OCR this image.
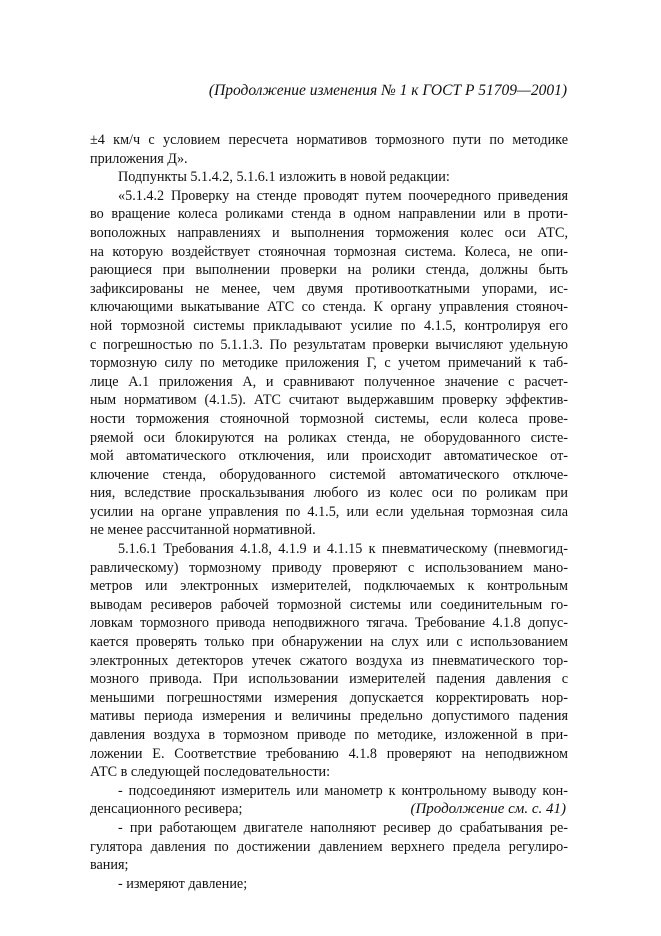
(Продолжение изменения № 1 к ГОСТ Р 51709—2001)
±4 км/ч с условием пересчета нормативов тормозного пути по методике
приложения Д».
Подпункты 5.1.4.2, 5.1.6.1 изложить в новой редакции:
«5.1.4.2 Проверку на стенде проводят путем поочередного приведения
во вращение колеса роликами стенда в одном направлении или в проти-
воположных направлениях и выполнения торможения колес оси АТС,
на которую воздействует стояночная тормозная система. Колеса, не опи-
рающиеся при выполнении проверки на ролики стенда, должны быть
зафиксированы не менее, чем двумя противооткатными упорами, ис-
ключающими выкатывание АТС со стенда. К органу управления стояноч-
ной тормозной системы прикладывают усилие по 4.1.5, контролируя его
с погрешностью по 5.1.1.3. По результатам проверки вычисляют удельную
тормозную силу по методике приложения Г, с учетом примечаний к таб-
лице А.1 приложения А, и сравнивают полученное значение с расчет-
ным нормативом (4.1.5). АТС считают выдержавшим проверку эффектив-
ности торможения стояночной тормозной системы, если колеса прове-
ряемой оси блокируются на роликах стенда, не оборудованного систе-
мой автоматического отключения, или происходит автоматическое от-
ключение стенда, оборудованного системой автоматического отключе-
ния, вследствие проскальзывания любого из колес оси по роликам при
усилии на органе управления по 4.1.5, или если удельная тормозная сила
не менее рассчитанной нормативной.
5.1.6.1 Требования 4.1.8, 4.1.9 и 4.1.15 к пневматическому (пневмогид-
равлическому) тормозному приводу проверяют с использованием мано-
метров или электронных измерителей, подключаемых к контрольным
выводам ресиверов рабочей тормозной системы или соединительным го-
ловкам тормозного привода неподвижного тягача. Требование 4.1.8 допус-
кается проверять только при обнаружении на слух или с использованием
электронных детекторов утечек сжатого воздуха из пневматического тор-
мозного привода. При использовании измерителей падения давления с
меньшими погрешностями измерения допускается корректировать нор-
мативы периода измерения и величины предельно допустимого падения
давления воздуха в тормозном приводе по методике, изложенной в при-
ложении Е. Соответствие требованию 4.1.8 проверяют на неподвижном
АТС в следующей последовательности:
- подсоединяют измеритель или манометр к контрольному выводу кон-
денсационного ресивера;
- при работающем двигателе наполняют ресивер до срабатывания ре-
гулятора давления по достижении давлением верхнего предела регулиро-
вания;
- измеряют давление;
(Продолжение см. с. 41)
